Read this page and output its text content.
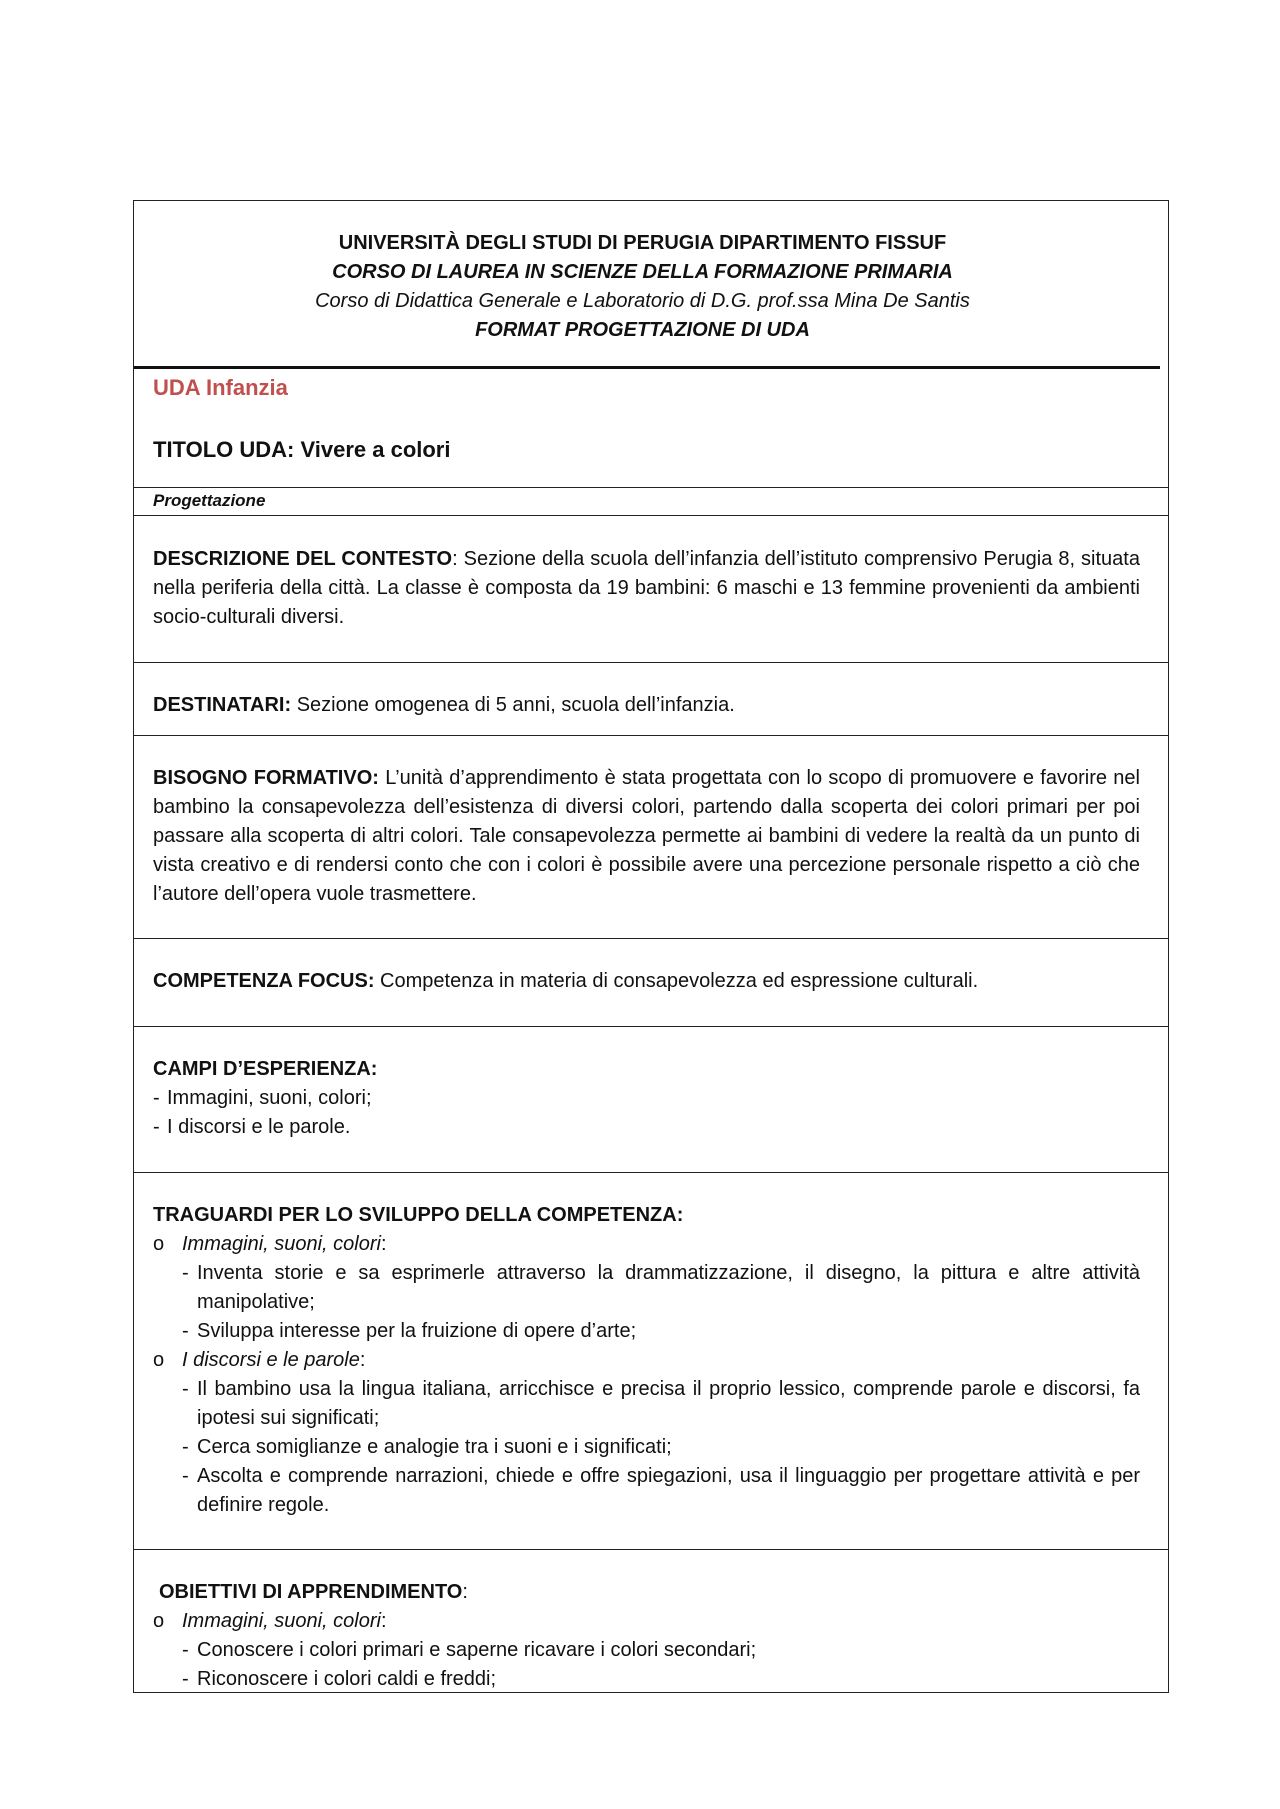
UNIVERSITÀ DEGLI STUDI DI PERUGIA DIPARTIMENTO FISSUF
CORSO DI LAUREA IN SCIENZE DELLA FORMAZIONE PRIMARIA
Corso di Didattica Generale e Laboratorio di D.G. prof.ssa Mina De Santis
FORMAT PROGETTAZIONE DI UDA
UDA Infanzia
TITOLO UDA: Vivere a colori
Progettazione
DESCRIZIONE DEL CONTESTO: Sezione della scuola dell’infanzia dell’istituto comprensivo Perugia 8, situata nella periferia della città. La classe è composta da 19 bambini: 6 maschi e 13 femmine provenienti da ambienti socio-culturali diversi.
DESTINATARI: Sezione omogenea di 5 anni, scuola dell’infanzia.
BISOGNO FORMATIVO: L’unità d’apprendimento è stata progettata con lo scopo di promuovere e favorire nel bambino la consapevolezza dell’esistenza di diversi colori, partendo dalla scoperta dei colori primari per poi passare alla scoperta di altri colori. Tale consapevolezza permette ai bambini di vedere la realtà da un punto di vista creativo e di rendersi conto che con i colori è possibile avere una percezione personale rispetto a ciò che l’autore dell’opera vuole trasmettere.
COMPETENZA FOCUS: Competenza in materia di consapevolezza ed espressione culturali.
CAMPI D’ESPERIENZA:
- Immagini, suoni, colori;
- I discorsi e le parole.
TRAGUARDI PER LO SVILUPPO DELLA COMPETENZA:
o Immagini, suoni, colori:
- Inventa storie e sa esprimerle attraverso la drammatizzazione, il disegno, la pittura e altre attività manipolative;
- Sviluppa interesse per la fruizione di opere d’arte;
o I discorsi e le parole:
- Il bambino usa la lingua italiana, arricchisce e precisa il proprio lessico, comprende parole e discorsi, fa ipotesi sui significati;
- Cerca somiglianze e analogie tra i suoni e i significati;
- Ascolta e comprende narrazioni, chiede e offre spiegazioni, usa il linguaggio per progettare attività e per definire regole.
OBIETTIVI DI APPRENDIMENTO:
o Immagini, suoni, colori:
- Conoscere i colori primari e saperne ricavare i colori secondari;
- Riconoscere i colori caldi e freddi;
